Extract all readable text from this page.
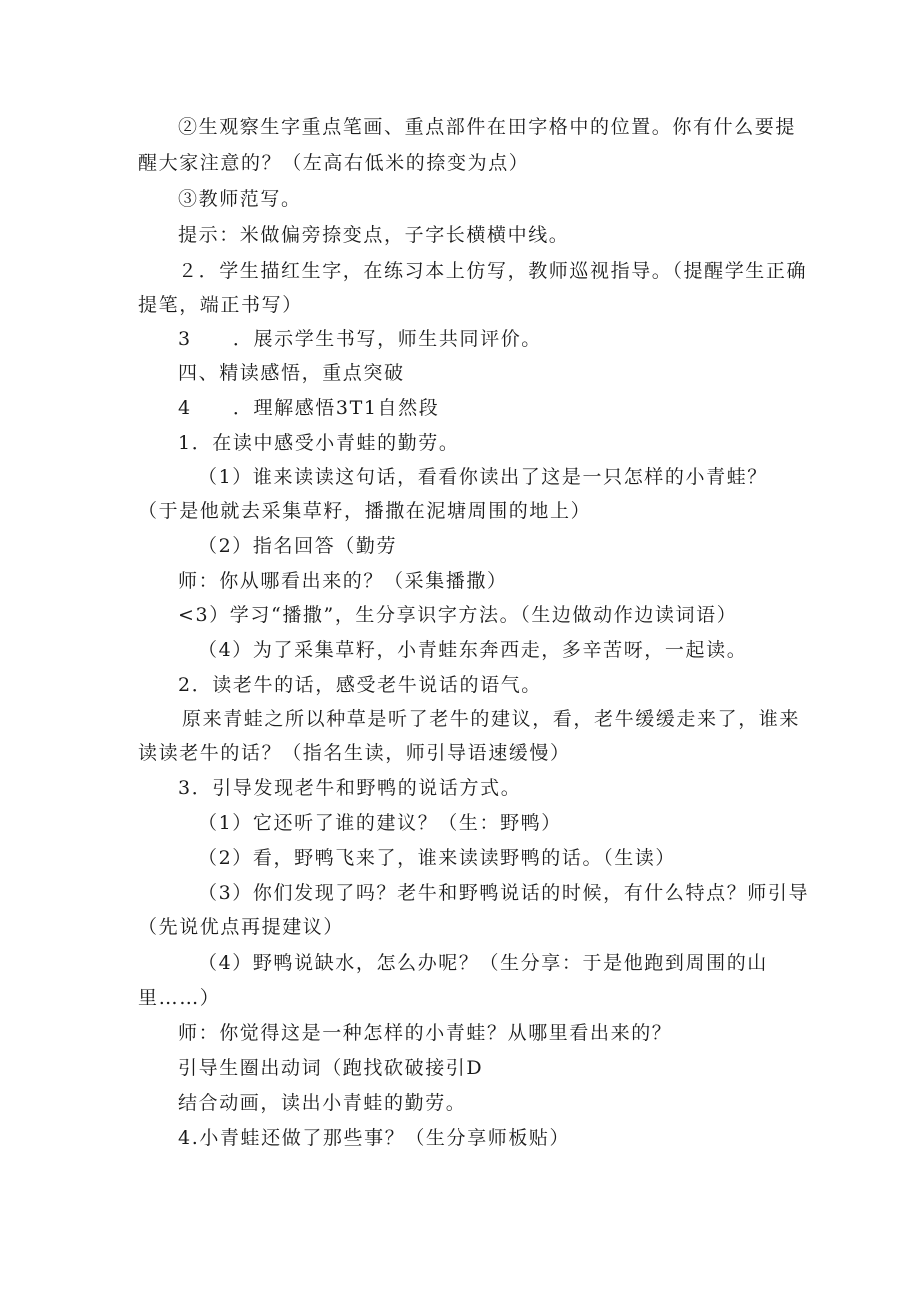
②生观察生字重点笔画、重点部件在田字格中的位置。你有什么要提
醒大家注意的？（左高右低米的捺变为点）
③教师范写。
提示：米做偏旁捺变点，子字长横横中线。
２．学生描红生字，在练习本上仿写，教师巡视指导。（提醒学生正确
提笔，端正书写）
3　　．展示学生书写，师生共同评价。
四、精读感悟，重点突破
4　　．理解感悟3T1自然段
1．在读中感受小青蛙的勤劳。
（1）谁来读读这句话，看看你读出了这是一只怎样的小青蛙？
（于是他就去采集草籽，播撒在泥塘周围的地上）
（2）指名回答（勤劳
师：你从哪看出来的？（采集播撒）
<3）学习“播撒”，生分享识字方法。（生边做动作边读词语）
（4）为了采集草籽，小青蛙东奔西走，多辛苦呀，一起读。
2．读老牛的话，感受老牛说话的语气。
原来青蛙之所以种草是听了老牛的建议，看，老牛缓缓走来了，谁来
读读老牛的话？（指名生读，师引导语速缓慢）
3．引导发现老牛和野鸭的说话方式。
（1）它还听了谁的建议？（生：野鸭）
（2）看，野鸭飞来了，谁来读读野鸭的话。（生读）
（3）你们发现了吗？老牛和野鸭说话的时候，有什么特点？师引导
（先说优点再提建议）
（4）野鸭说缺水，怎么办呢？（生分享：于是他跑到周围的山
里……）
师：你觉得这是一种怎样的小青蛙？从哪里看出来的？
引导生圈出动词（跑找砍破接引D
结合动画，读出小青蛙的勤劳。
4.小青蛙还做了那些事？（生分享师板贴）
